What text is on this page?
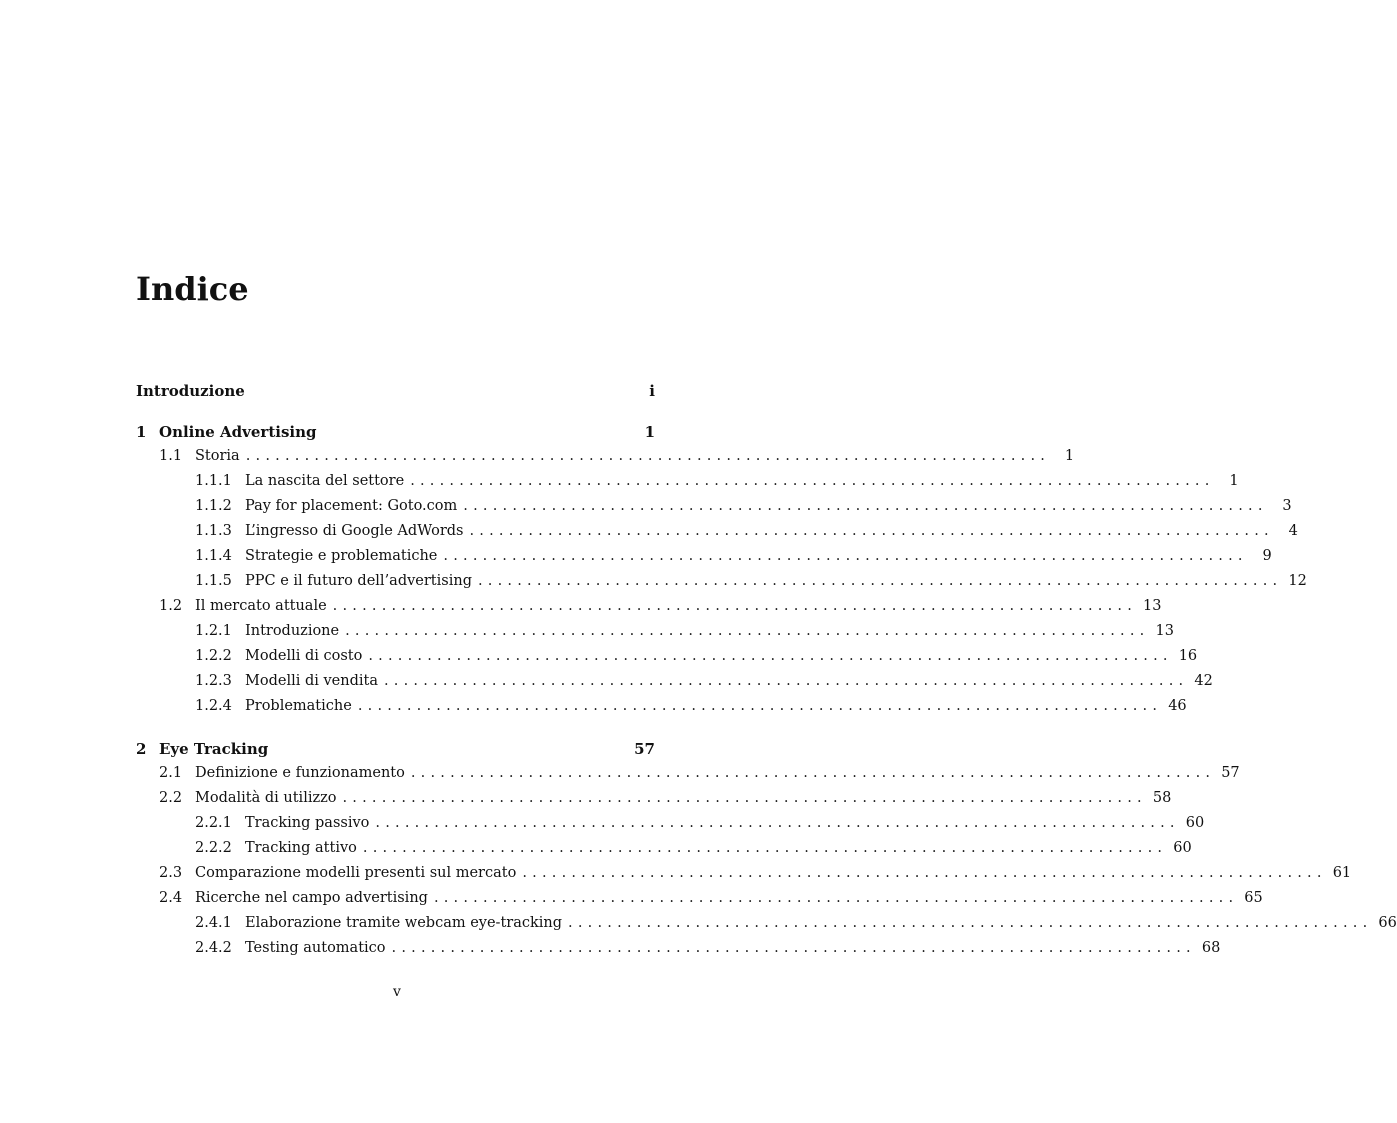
Indice
Introduzione	i
1 Online Advertising	1
1.1 Storia ..................................................................................	1
1.1.1 La nascita del settore ..................................................................................	1
1.1.2 Pay for placement: Goto.com ..................................................................................	3
1.1.3 L’ingresso di Google AdWords ..................................................................................	4
1.1.4 Strategie e problematiche ..................................................................................	9
1.1.5 PPC e il futuro dell’advertising .................................................................................. 12
1.2 Il mercato attuale .................................................................................. 13
1.2.1 Introduzione .................................................................................. 13
1.2.2 Modelli di costo .................................................................................. 16
1.2.3 Modelli di vendita .................................................................................. 42
1.2.4 Problematiche .................................................................................. 46
2 Eye Tracking	57
2.1 Definizione e funzionamento .................................................................................. 57
2.2 Modalità di utilizzo .................................................................................. 58
2.2.1 Tracking passivo .................................................................................. 60
2.2.2 Tracking attivo .................................................................................. 60
2.3 Comparazione modelli presenti sul mercato .................................................................................. 61
2.4 Ricerche nel campo advertising .................................................................................. 65
2.4.1 Elaborazione tramite webcam eye-tracking .................................................................................. 66
2.4.2 Testing automatico .................................................................................. 68
v
